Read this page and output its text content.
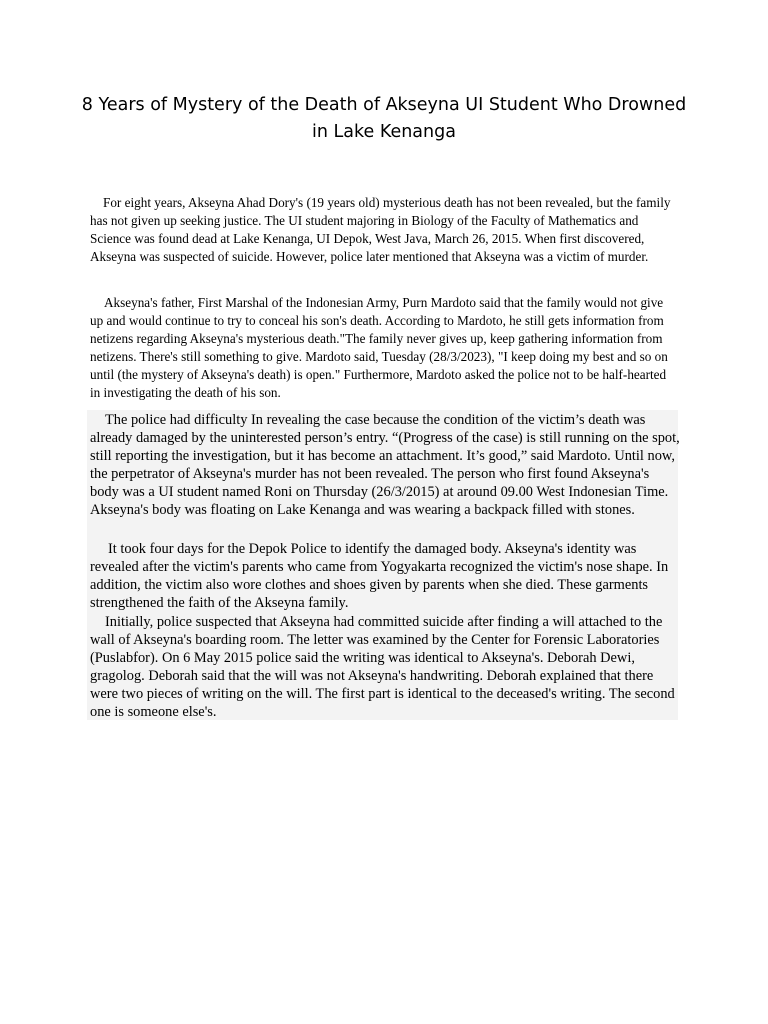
8 Years of Mystery of the Death of Akseyna UI Student Who Drowned in Lake Kenanga

For eight years, Akseyna Ahad Dory's (19 years old) mysterious death has not been revealed, but the family has not given up seeking justice. The UI student majoring in Biology of the Faculty of Mathematics and Science was found dead at Lake Kenanga, UI Depok, West Java, March 26, 2015. When first discovered, Akseyna was suspected of suicide. However, police later mentioned that Akseyna was a victim of murder.

Akseyna's father, First Marshal of the Indonesian Army, Purn Mardoto said that the family would not give up and would continue to try to conceal his son's death. According to Mardoto, he still gets information from netizens regarding Akseyna's mysterious death."The family never gives up, keep gathering information from netizens. There's still something to give. Mardoto said, Tuesday (28/3/2023), "I keep doing my best and so on until (the mystery of Akseyna's death) is open." Furthermore, Mardoto asked the police not to be half-hearted in investigating the death of his son.

The police had difficulty In revealing the case because the condition of the victim’s death was already damaged by the uninterested person’s entry. “(Progress of the case) is still running on the spot, still reporting the investigation, but it has become an attachment. It’s good,” said Mardoto. Until now, the perpetrator of Akseyna's murder has not been revealed. The person who first found Akseyna's body was a UI student named Roni on Thursday (26/3/2015) at around 09.00 West Indonesian Time. Akseyna's body was floating on Lake Kenanga and was wearing a backpack filled with stones.

It took four days for the Depok Police to identify the damaged body. Akseyna's identity was revealed after the victim's parents who came from Yogyakarta recognized the victim's nose shape. In addition, the victim also wore clothes and shoes given by parents when she died. These garments strengthened the faith of the Akseyna family.

Initially, police suspected that Akseyna had committed suicide after finding a will attached to the wall of Akseyna's boarding room. The letter was examined by the Center for Forensic Laboratories (Puslabfor). On 6 May 2015 police said the writing was identical to Akseyna's. Deborah Dewi, gragolog. Deborah said that the will was not Akseyna's handwriting. Deborah explained that there were two pieces of writing on the will. The first part is identical to the deceased's writing. The second one is someone else's.
